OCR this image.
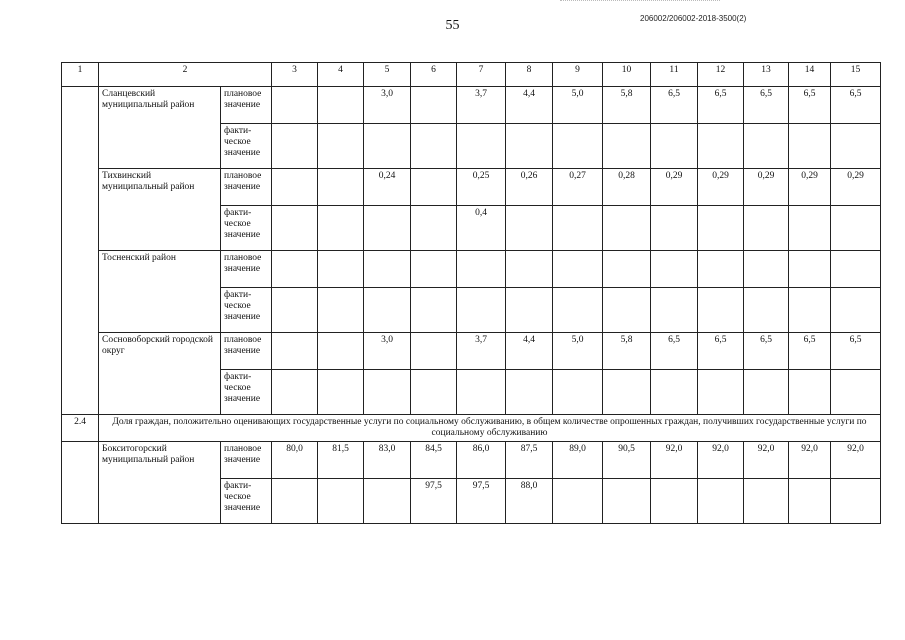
55	206002/206002-2018-3500(2)
1	2		3	4	5	6	7	8	9	10	11	12	13	14	15
	Сланцевский муниципальный район	плановое значение			3,0		3,7	4,4	5,0	5,8	6,5	6,5	6,5	6,5	6,5
		факти-ческое значение													
	Тихвинский муниципальный район	плановое значение			0,24		0,25	0,26	0,27	0,28	0,29	0,29	0,29	0,29	0,29
		факти-ческое значение					0,4								
	Тосненский район	плановое значение													
		факти-ческое значение													
	Сосновоборский городской округ	плановое значение			3,0		3,7	4,4	5,0	5,8	6,5	6,5	6,5	6,5	6,5
		факти-ческое значение													
2.4	Доля граждан, положительно оценивающих государственные услуги по социальному обслуживанию, в общем количестве опрошенных граждан, получивших государственные услуги по социальному обслуживанию														
	Бокситогорский муниципальный район	плановое значение	80,0	81,5	83,0	84,5	86,0	87,5	89,0	90,5	92,0	92,0	92,0	92,0	92,0
		факти-ческое значение				97,5	97,5	88,0							
